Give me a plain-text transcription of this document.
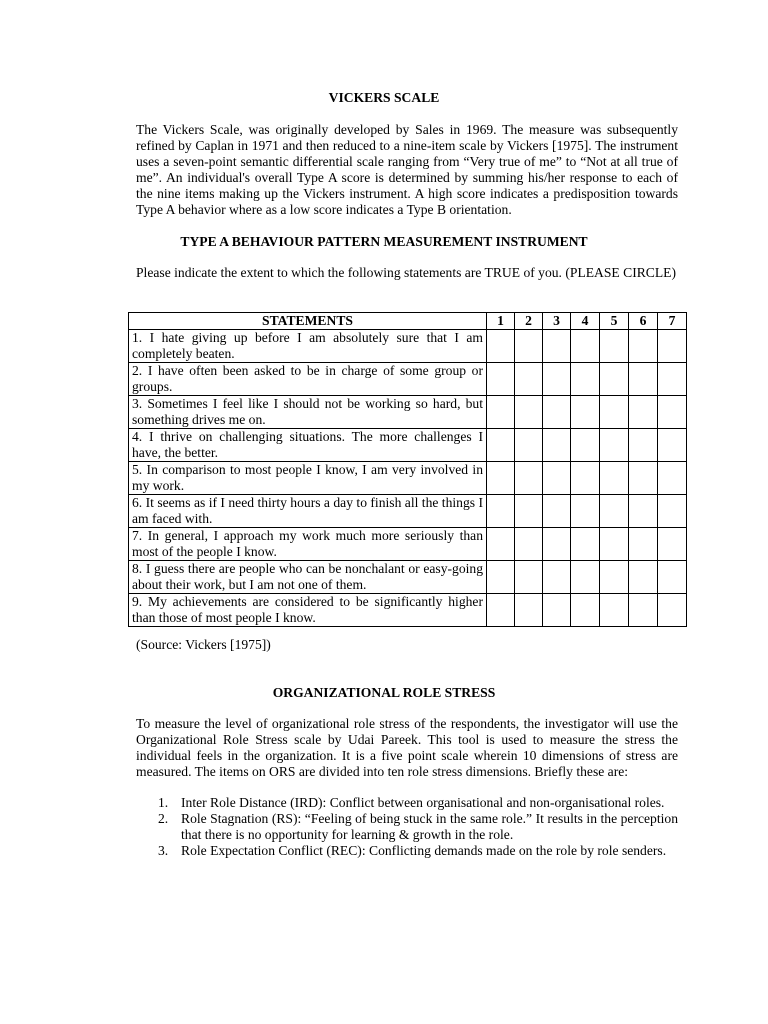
VICKERS SCALE

The Vickers Scale, was originally developed by Sales in 1969. The measure was subsequently refined by Caplan in 1971 and then reduced to a nine-item scale by Vickers [1975]. The instrument uses a seven-point semantic differential scale ranging from “Very true of me” to “Not at all true of me”. An individual's overall Type A score is determined by summing his/her response to each of the nine items making up the Vickers instrument. A high score indicates a predisposition towards Type A behavior where as a low score indicates a Type B orientation.

TYPE A BEHAVIOUR PATTERN MEASUREMENT INSTRUMENT

Please indicate the extent to which the following statements are TRUE of you. (PLEASE CIRCLE)

STATEMENTS	1	2	3	4	5	6	7
1. I hate giving up before I am absolutely sure that I am completely beaten.							
2. I have often been asked to be in charge of some group or groups.							
3. Sometimes I feel like I should not be working so hard, but something drives me on.							
4. I thrive on challenging situations. The more challenges I have, the better.							
5. In comparison to most people I know, I am very involved in my work.							
6. It seems as if I need thirty hours a day to finish all the things I am faced with.							
7. In general, I approach my work much more seriously than most of the people I know.							
8. I guess there are people who can be nonchalant or easy-going about their work, but I am not one of them.							
9. My achievements are considered to be significantly higher than those of most people I know.							

(Source: Vickers [1975])

ORGANIZATIONAL ROLE STRESS

To measure the level of organizational role stress of the respondents, the investigator will use the Organizational Role Stress scale by Udai Pareek. This tool is used to measure the stress the individual feels in the organization. It is a five point scale wherein 10 dimensions of stress are measured. The items on ORS are divided into ten role stress dimensions. Briefly these are:

1. Inter Role Distance (IRD): Conflict between organisational and non-organisational roles.
2. Role Stagnation (RS): “Feeling of being stuck in the same role.” It results in the perception that there is no opportunity for learning & growth in the role.
3. Role Expectation Conflict (REC): Conflicting demands made on the role by role senders.
